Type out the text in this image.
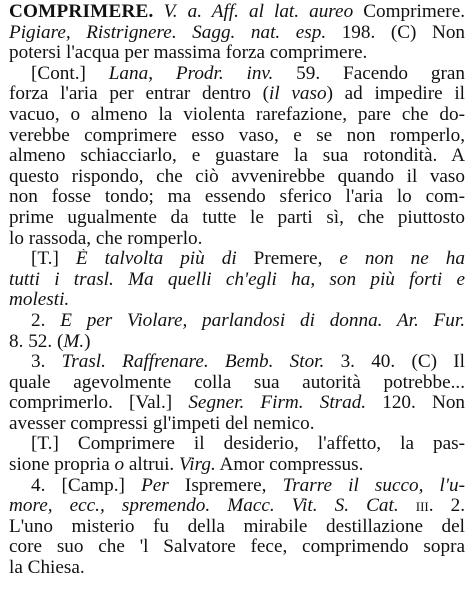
COMPRIMERE. V. a. Aff. al lat. aureo Comprimere.
Pigiare, Ristrignere. Sagg. nat. esp. 198. (C) Non
potersi l'acqua per massima forza comprimere.
[Cont.] Lana, Prodr. inv. 59. Facendo gran
forza l'aria per entrar dentro (il vaso) ad impedire il
vacuo, o almeno la violenta rarefazione, pare che do-
verebbe comprimere esso vaso, e se non romperlo,
almeno schiacciarlo, e guastare la sua rotondità. A
questo rispondo, che ciò avvenirebbe quando il vaso
non fosse tondo; ma essendo sferico l'aria lo com-
prime ugualmente da tutte le parti sì, che piuttosto
lo rassoda, che romperlo.
[T.] È talvolta più di Premere, e non ne ha
tutti i trasl. Ma quelli ch'egli ha, son più forti e
molesti.
2. E per Violare, parlandosi di donna. Ar. Fur.
8. 52. (M.)
3. Trasl. Raffrenare. Bemb. Stor. 3. 40. (C) Il
quale agevolmente colla sua autorità potrebbe...
comprimerlo. [Val.] Segner. Firm. Strad. 120. Non
avesser compressi gl'impeti del nemico.
[T.] Comprimere il desiderio, l'affetto, la pas-
sione propria o altrui. Virg. Amor compressus.
4. [Camp.] Per Ispremere, Trarre il succo, l'u-
more, ecc., spremendo. Macc. Vit. S. Cat. iii. 2.
L'uno misterio fu della mirabile destillazione del
core suo che 'l Salvatore fece, comprimendo sopra
la Chiesa.
